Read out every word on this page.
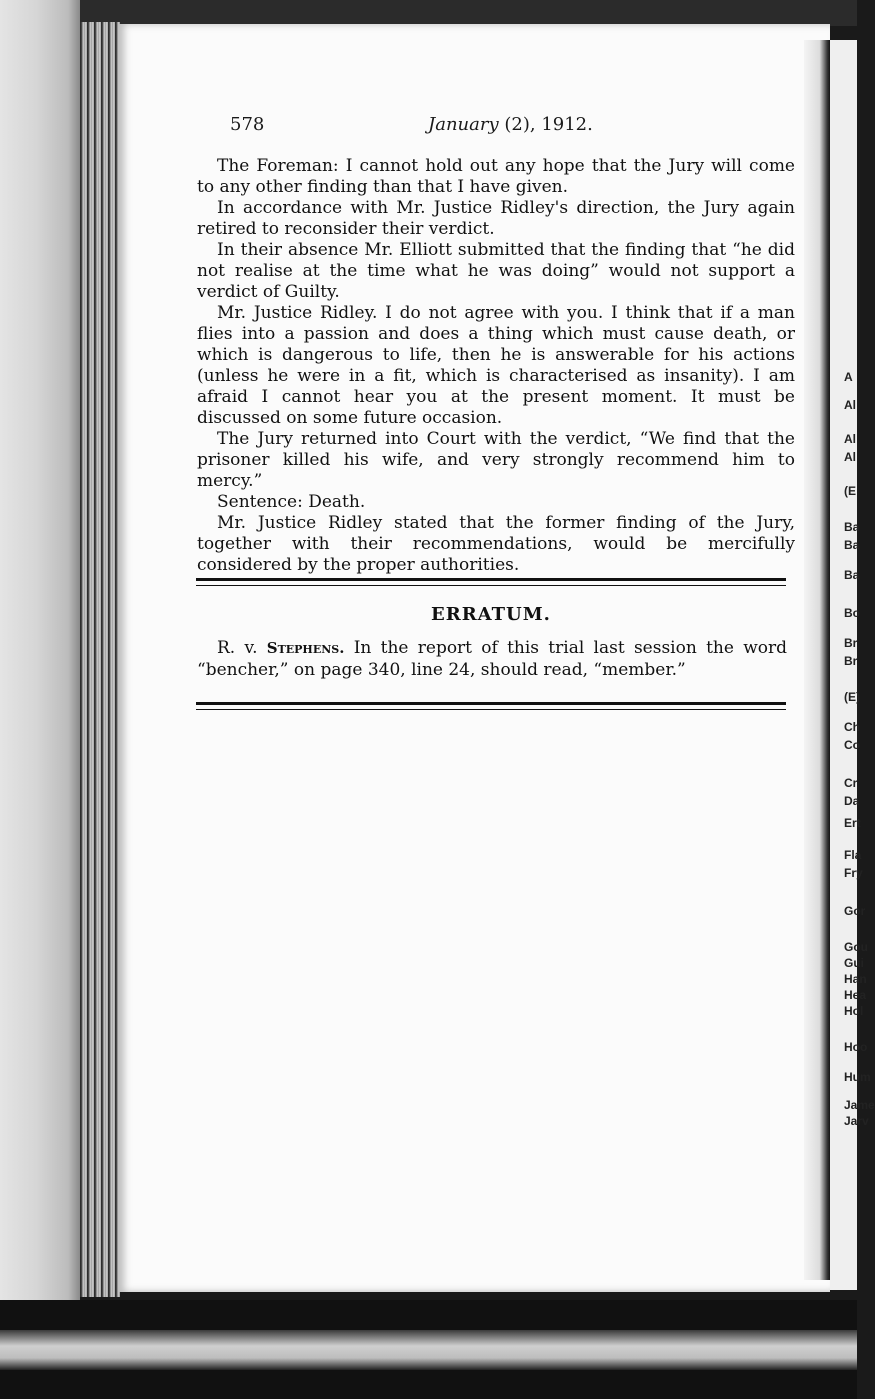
A
Al
Al
Al
(E
Ba
Ba
Ba
Bo
Br
Br
(E)
Ch
Co
Cr
Da
Ert
Fla
Fry
Gor
Gou
Gui
Han
Hea
Hol
Hoo
Hum
Jame
Jarv
578	January (2), 1912.

The Foreman: I cannot hold out any hope that the Jury will come to any other finding than that I have given.

In accordance with Mr. Justice Ridley's direction, the Jury again retired to reconsider their verdict.

In their absence Mr. Elliott submitted that the finding that “he did not realise at the time what he was doing” would not support a verdict of Guilty.

Mr. Justice Ridley. I do not agree with you. I think that if a man flies into a passion and does a thing which must cause death, or which is dangerous to life, then he is answerable for his actions (unless he were in a fit, which is characterised as insanity). I am afraid I cannot hear you at the present moment. It must be discussed on some future occasion.

The Jury returned into Court with the verdict, “We find that the prisoner killed his wife, and very strongly recommend him to mercy.”

Sentence: Death.

Mr. Justice Ridley stated that the former finding of the Jury, together with their recommendations, would be mercifully considered by the proper authorities.

ERRATUM.

R. v. Stephens. In the report of this trial last session the word “bencher,” on page 340, line 24, should read, “member.”
